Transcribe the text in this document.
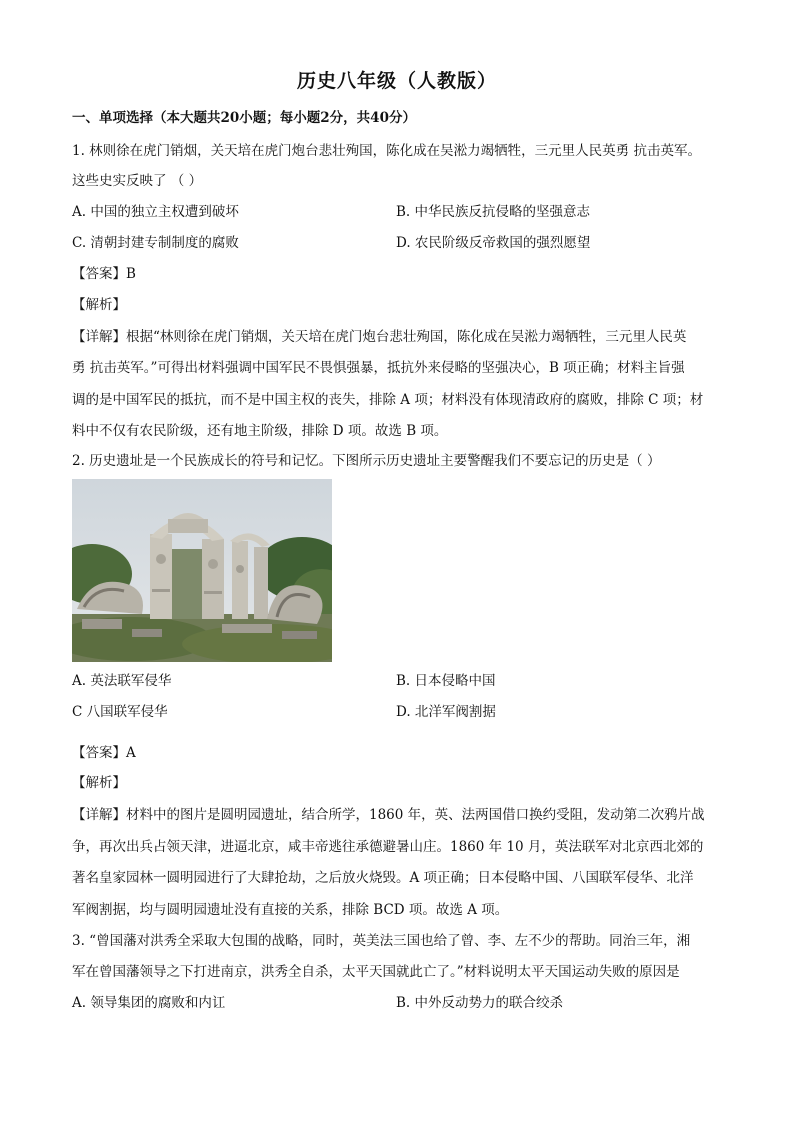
历史八年级（人教版）
一、单项选择（本大题共20小题；每小题2分，共40分）
1. 林则徐在虎门销烟，关天培在虎门炮台悲壮殉国，陈化成在吴淞力竭牺牲，三元里人民英勇 抗击英军。
这些史实反映了 （ ）
A. 中国的独立主权遭到破坏	B. 中华民族反抗侵略的坚强意志
C. 清朝封建专制制度的腐败	D. 农民阶级反帝救国的强烈愿望
【答案】B
【解析】
【详解】根据“林则徐在虎门销烟，关天培在虎门炮台悲壮殉国，陈化成在吴淞力竭牺牲，三元里人民英
勇 抗击英军。”可得出材料强调中国军民不畏惧强暴，抵抗外来侵略的坚强决心，B 项正确；材料主旨强
调的是中国军民的抵抗，而不是中国主权的丧失，排除 A 项；材料没有体现清政府的腐败，排除 C 项；材
料中不仅有农民阶级，还有地主阶级，排除 D 项。故选 B 项。
2. 历史遗址是一个民族成长的符号和记忆。下图所示历史遗址主要警醒我们不要忘记的历史是（ ）
A. 英法联军侵华	B. 日本侵略中国
C 八国联军侵华	D. 北洋军阀割据
【答案】A
【解析】
【详解】材料中的图片是圆明园遗址，结合所学，1860 年，英、法两国借口换约受阻，发动第二次鸦片战
争，再次出兵占领天津，进逼北京，咸丰帝逃往承德避暑山庄。1860 年 10 月，英法联军对北京西北郊的
著名皇家园林一圆明园进行了大肆抢劫，之后放火烧毁。A 项正确；日本侵略中国、八国联军侵华、北洋
军阀割据，均与圆明园遗址没有直接的关系，排除 BCD 项。故选 A 项。
3. “曾国藩对洪秀全采取大包围的战略，同时，英美法三国也给了曾、李、左不少的帮助。同治三年，湘
军在曾国藩领导之下打进南京，洪秀全自杀，太平天国就此亡了。”材料说明太平天国运动失败的原因是
A. 领导集团的腐败和内讧	B. 中外反动势力的联合绞杀
